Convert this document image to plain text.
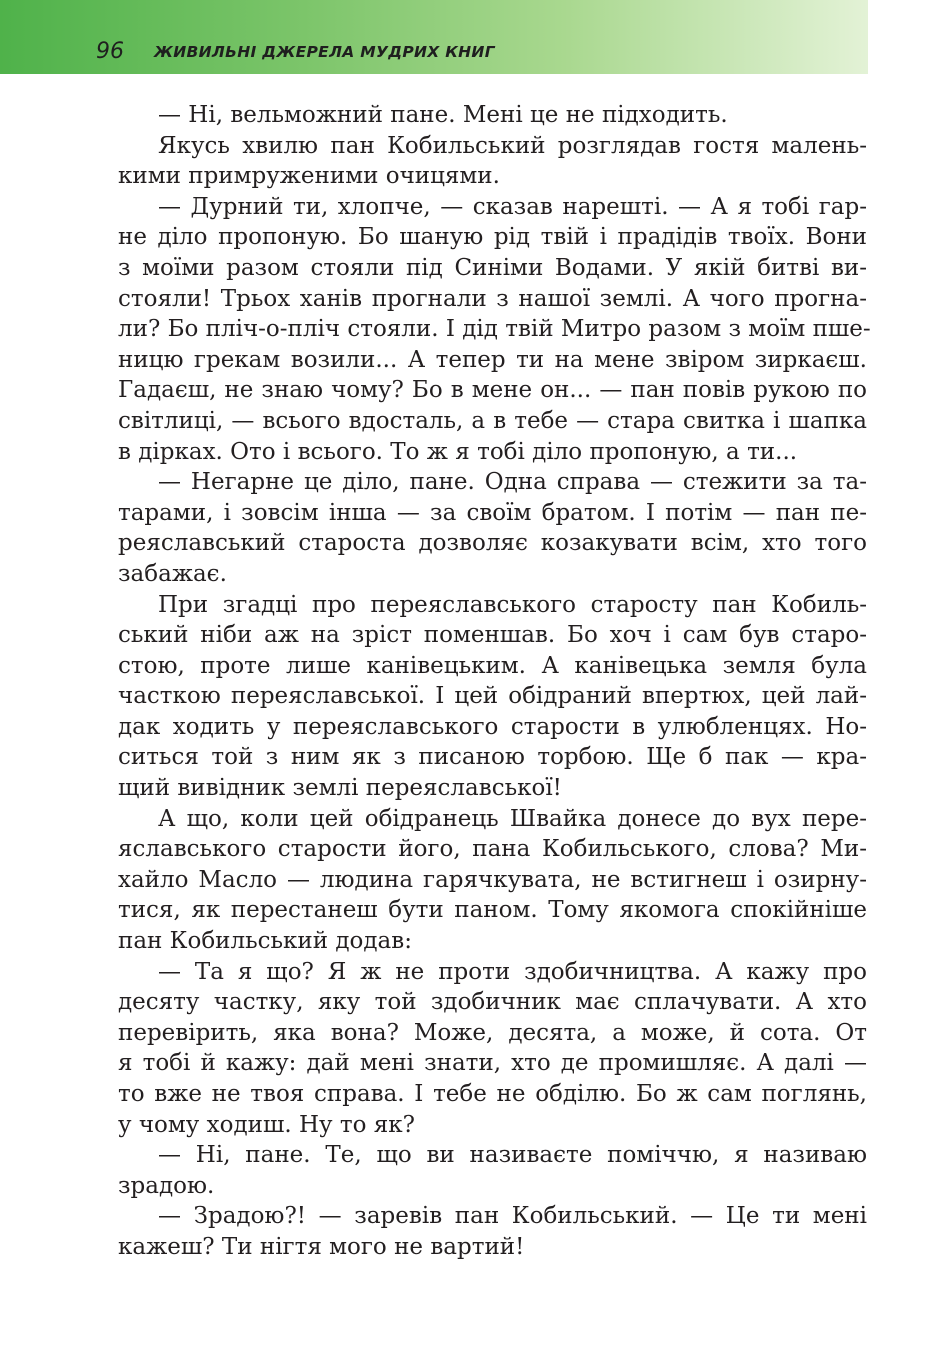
96 ЖИВИЛЬНІ ДЖЕРЕЛА МУДРИХ КНИГ
— Ні, вельможний пане. Мені це не підходить.
Якусь хвилю пан Кобильський розглядав гостя малень-
кими примруженими очицями.
— Дурний ти, хлопче, — сказав нарешті. — А я тобі гар-
не діло пропоную. Бо шаную рід твій і прадідів твоїх. Вони
з моїми разом стояли під Синіми Водами. У якій битві ви-
стояли! Трьох ханів прогнали з нашої землі. А чого прогна-
ли? Бо пліч-о-пліч стояли. І дід твій Митро разом з моїм пше-
ницю грекам возили... А тепер ти на мене звіром зиркаєш.
Гадаєш, не знаю чому? Бо в мене он... — пан повів рукою по
світлиці, — всього вдосталь, а в тебе — стара свитка і шапка
в дірках. Ото і всього. То ж я тобі діло пропоную, а ти...
— Негарне це діло, пане. Одна справа — стежити за та-
тарами, і зовсім інша — за своїм братом. І потім — пан пе-
реяславський староста дозволяє козакувати всім, хто того
забажає.
При згадці про переяславського старосту пан Кобиль-
ський ніби аж на зріст поменшав. Бо хоч і сам був старо-
стою, проте лише канівецьким. А канівецька земля була
часткою переяславської. І цей обідраний впертюх, цей лай-
дак ходить у переяславського старости в улюбленцях. Но-
ситься той з ним як з писаною торбою. Ще б пак — кра-
щий вивідник землі переяславської!
А що, коли цей обідранець Швайка донесе до вух пере-
яславського старости його, пана Кобильського, слова? Ми-
хайло Масло — людина гарячкувата, не встигнеш і озирну-
тися, як перестанеш бути паном. Тому якомога спокійніше
пан Кобильський додав:
— Та я що? Я ж не проти здобичництва. А кажу про
десяту частку, яку той здобичник має сплачувати. А хто
перевірить, яка вона? Може, десята, а може, й сота. От
я тобі й кажу: дай мені знати, хто де промишляє. А далі —
то вже не твоя справа. І тебе не обділю. Бо ж сам поглянь,
у чому ходиш. Ну то як?
— Ні, пане. Те, що ви називаєте поміччю, я називаю
зрадою.
— Зрадою?! — заревів пан Кобильський. — Це ти мені
кажеш? Ти нігтя мого не вартий!
